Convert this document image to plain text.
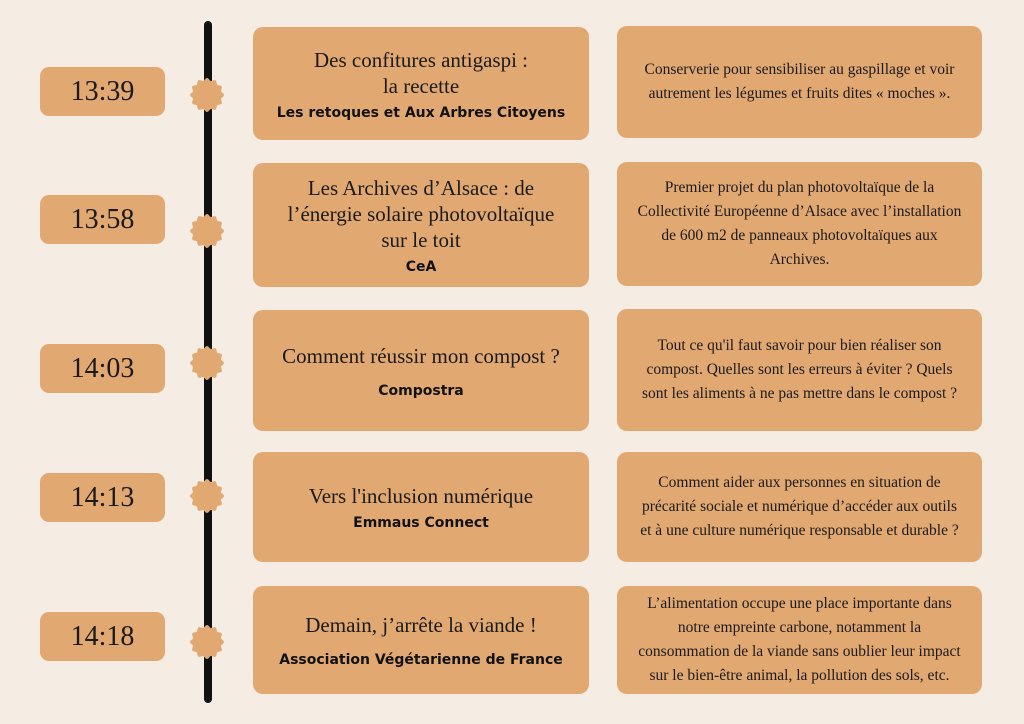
13:39
Des confitures antigaspi :
la recette
Les retoques et Aux Arbres Citoyens
Conserverie pour sensibiliser au gaspillage et voir autrement les légumes et fruits dites « moches ».
13:58
Les Archives d’Alsace : de
l’énergie solaire photovoltaïque
sur le toit
CeA
Premier projet du plan photovoltaïque de la Collectivité Européenne d’Alsace avec l’installation de 600 m2 de panneaux photovoltaïques aux Archives.
14:03	Comment réussir mon compost ?
Compostra
Tout ce qu'il faut savoir pour bien réaliser son compost. Quelles sont les erreurs à éviter ? Quels sont les aliments à ne pas mettre dans le compost ?
14:13	Vers l'inclusion numérique
Emmaus Connect
Comment aider aux personnes en situation de précarité sociale et numérique d’accéder aux outils et à une culture numérique responsable et durable ?
14:18	Demain, j’arrête la viande !
Association Végétarienne de France
L’alimentation occupe une place importante dans notre empreinte carbone, notamment la consommation de la viande sans oublier leur impact sur le bien-être animal, la pollution des sols, etc.
